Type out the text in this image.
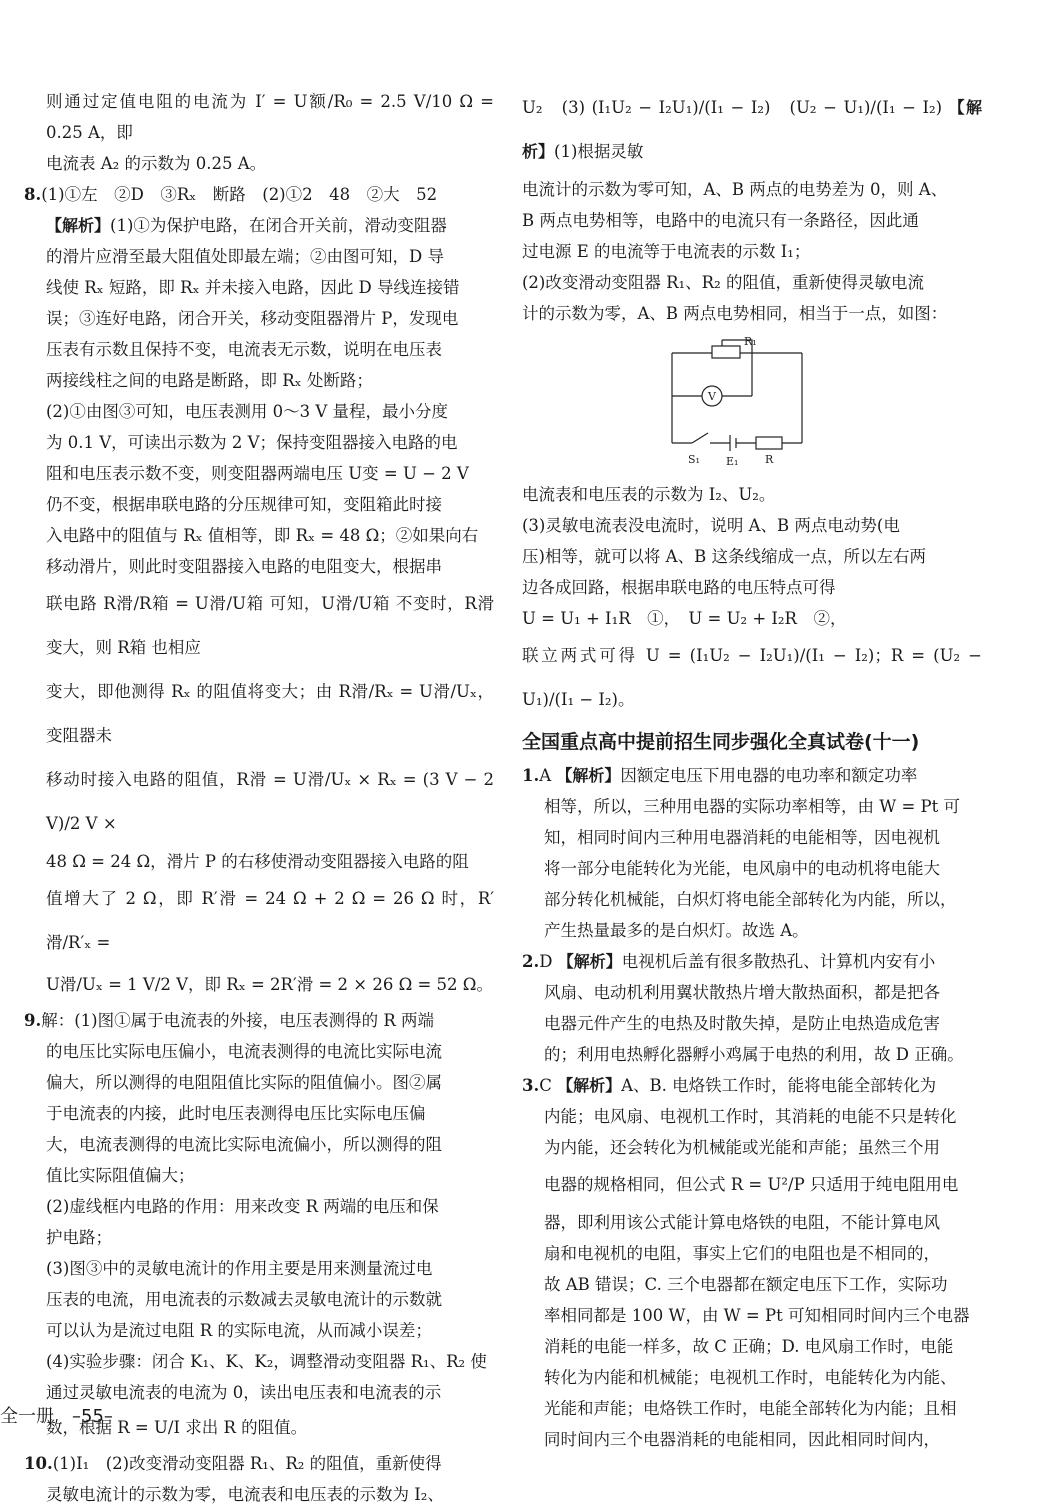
则通过定值电阻的电流为 I′ = U额/R₀ = 2.5 V/10 Ω = 0.25 A，即

电流表 A₂ 的示数为 0.25 A。

8.(1)①左　②D　③Rₓ　断路　(2)①2　48　②大　52

【解析】(1)①为保护电路，在闭合开关前，滑动变阻器

的滑片应滑至最大阻值处即最左端；②由图可知，D 导

线使 Rₓ 短路，即 Rₓ 并未接入电路，因此 D 导线连接错

误；③连好电路，闭合开关，移动变阻器滑片 P，发现电

压表有示数且保持不变，电流表无示数，说明在电压表

两接线柱之间的电路是断路，即 Rₓ 处断路；

(2)①由图③可知，电压表测用 0～3 V 量程，最小分度

为 0.1 V，可读出示数为 2 V；保持变阻器接入电路的电

阻和电压表示数不变，则变阻器两端电压 U变 = U − 2 V

仍不变，根据串联电路的分压规律可知，变阻箱此时接

入电路中的阻值与 Rₓ 值相等，即 Rₓ = 48 Ω；②如果向右

移动滑片，则此时变阻器接入电路的电阻变大，根据串

联电路 R滑/R箱 = U滑/U箱 可知，U滑/U箱 不变时，R滑 变大，则 R箱 也相应

变大，即他测得 Rₓ 的阻值将变大；由 R滑/Rₓ = U滑/Uₓ，变阻器未

移动时接入电路的阻值，R滑 = U滑/Uₓ × Rₓ = (3 V − 2 V)/2 V ×

48 Ω = 24 Ω，滑片 P 的右移使滑动变阻器接入电路的阻

值增大了 2 Ω，即 R′滑 = 24 Ω + 2 Ω = 26 Ω 时，R′滑/R′ₓ =

U滑/Uₓ = 1 V/2 V，即 Rₓ = 2R′滑 = 2 × 26 Ω = 52 Ω。

9.解：(1)图①属于电流表的外接，电压表测得的 R 两端

的电压比实际电压偏小，电流表测得的电流比实际电流

偏大，所以测得的电阻阻值比实际的阻值偏小。图②属

于电流表的内接，此时电压表测得电压比实际电压偏

大，电流表测得的电流比实际电流偏小，所以测得的阻

值比实际阻值偏大；

(2)虚线框内电路的作用：用来改变 R 两端的电压和保

护电路；

(3)图③中的灵敏电流计的作用主要是用来测量流过电

压表的电流，用电流表的示数减去灵敏电流计的示数就

可以认为是流过电阻 R 的实际电流，从而减小误差；

(4)实验步骤：闭合 K₁、K、K₂，调整滑动变阻器 R₁、R₂ 使

通过灵敏电流表的电流为 0，读出电压表和电流表的示

数，根据 R = U/I 求出 R 的阻值。

10.(1)I₁　(2)改变滑动变阻器 R₁、R₂ 的阻值，重新使得

灵敏电流计的示数为零，电流表和电压表的示数为 I₂、

U₂　(3) (I₁U₂ − I₂U₁)/(I₁ − I₂)　(U₂ − U₁)/(I₁ − I₂) 【解析】(1)根据灵敏

电流计的示数为零可知，A、B 两点的电势差为 0，则 A、

B 两点电势相等，电路中的电流只有一条路径，因此通

过电源 E 的电流等于电流表的示数 I₁；

(2)改变滑动变阻器 R₁、R₂ 的阻值，重新使得灵敏电流

计的示数为零，A、B 两点电势相同，相当于一点，如图：

R₁
V
S₁ E₁ R

电流表和电压表的示数为 I₂、U₂。

(3)灵敏电流表没电流时，说明 A、B 两点电动势(电

压)相等，就可以将 A、B 这条线缩成一点，所以左右两

边各成回路，根据串联电路的电压特点可得

U = U₁ + I₁R　①，　U = U₂ + I₂R　②，

联立两式可得 U = (I₁U₂ − I₂U₁)/(I₁ − I₂)；R = (U₂ − U₁)/(I₁ − I₂)。

全国重点高中提前招生同步强化全真试卷(十一)

1.A 【解析】因额定电压下用电器的电功率和额定功率

相等，所以，三种用电器的实际功率相等，由 W = Pt 可

知，相同时间内三种用电器消耗的电能相等，因电视机

将一部分电能转化为光能，电风扇中的电动机将电能大

部分转化机械能，白炽灯将电能全部转化为内能，所以，

产生热量最多的是白炽灯。故选 A。

2.D 【解析】电视机后盖有很多散热孔、计算机内安有小

风扇、电动机利用翼状散热片增大散热面积，都是把各

电器元件产生的电热及时散失掉，是防止电热造成危害

的；利用电热孵化器孵小鸡属于电热的利用，故 D 正确。

3.C 【解析】A、B. 电烙铁工作时，能将电能全部转化为

内能；电风扇、电视机工作时，其消耗的电能不只是转化

为内能，还会转化为机械能或光能和声能；虽然三个用

电器的规格相同，但公式 R = U²/P 只适用于纯电阻用电

器，即利用该公式能计算电烙铁的电阻，不能计算电风

扇和电视机的电阻，事实上它们的电阻也是不相同的，

故 AB 错误；C. 三个电器都在额定电压下工作，实际功

率相同都是 100 W，由 W = Pt 可知相同时间内三个电器

消耗的电能一样多，故 C 正确；D. 电风扇工作时，电能

转化为内能和机械能；电视机工作时，电能转化为内能、

光能和声能；电烙铁工作时，电能全部转化为内能；且相

同时间内三个电器消耗的电能相同，因此相同时间内，

全一册　–55–
